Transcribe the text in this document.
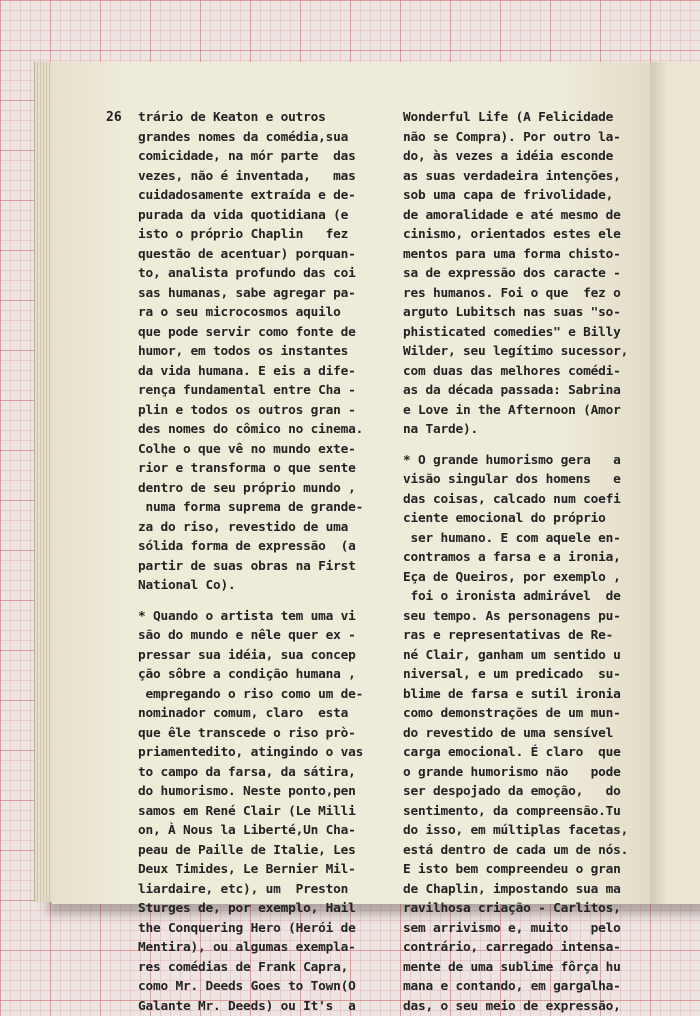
26 trário de Keaton e outros
grandes nomes da comédia,sua
comicidade, na mór parte  das
vezes, não é inventada,   mas
cuidadosamente extraída e de-
purada da vida quotidiana (e
isto o próprio Chaplin   fez
questão de acentuar) porquan-
to, analista profundo das coi
sas humanas, sabe agregar pa-
ra o seu microcosmos aquilo
que pode servir como fonte de
humor, em todos os instantes
da vida humana. E eis a dife-
rença fundamental entre Cha -
plin e todos os outros gran -
des nomes do cômico no cinema.
Colhe o que vê no mundo exte-
rior e transforma o que sente
dentro de seu próprio mundo ,
numa forma suprema de grande-
za do riso, revestido de uma
sólida forma de expressão  (a
partir de suas obras na First
National Co).
* Quando o artista tem uma vi
são do mundo e nêle quer ex -
pressar sua idéia, sua concep
ção sôbre a condição humana ,
empregando o riso como um de-
nominador comum, claro  esta
que êle transcede o riso prò-
priamentedito, atingindo o vas
to campo da farsa, da sátira,
do humorismo. Neste ponto,pen
samos em René Clair (Le Milli
on, À Nous la Liberté,Un Cha-
peau de Paille de Italie, Les
Deux Timides, Le Bernier Mil-
liardaire, etc), um  Preston
Sturges de, por exemplo, Hail
the Conquering Hero (Herói de
Mentira), ou algumas exempla-
res comédias de Frank Capra,
como Mr. Deeds Goes to Town(O
Galante Mr. Deeds) ou It's  a
Wonderful Life (A Felicidade
não se Compra). Por outro la-
do, às vezes a idéia esconde
as suas verdadeira intenções,
sob uma capa de frivolidade,
de amoralidade e até mesmo de
cinismo, orientados estes ele
mentos para uma forma chisto-
sa de expressão dos caracte -
res humanos. Foi o que  fez o
arguto Lubitsch nas suas "so-
phisticated comedies" e Billy
Wilder, seu legítimo sucessor,
com duas das melhores comédi-
as da década passada: Sabrina
e Love in the Afternoon (Amor
na Tarde).
* O grande humorismo gera   a
visão singular dos homens   e
das coisas, calcado num coefi
ciente emocional do próprio
ser humano. E com aquele en-
contramos a farsa e a ironia,
Eça de Queiros, por exemplo ,
foi o ironista admirável  de
seu tempo. As personagens pu-
ras e representativas de Re-
né Clair, ganham um sentido u
niversal, e um predicado  su-
blime de farsa e sutil ironia
como demonstrações de um mun-
do revestido de uma sensível
carga emocional. É claro  que
o grande humorismo não   pode
ser despojado da emoção,   do
sentimento, da compreensão.Tu
do isso, em múltiplas facetas,
está dentro de cada um de nós.
E isto bem compreendeu o gran
de Chaplin, impostando sua ma
ravilhosa criação - Carlitos,
sem arrivismo e, muito   pelo
contrário, carregado intensa-
mente de uma sublime fôrça hu
mana e contando, em gargalha-
das, o seu meio de expressão,
